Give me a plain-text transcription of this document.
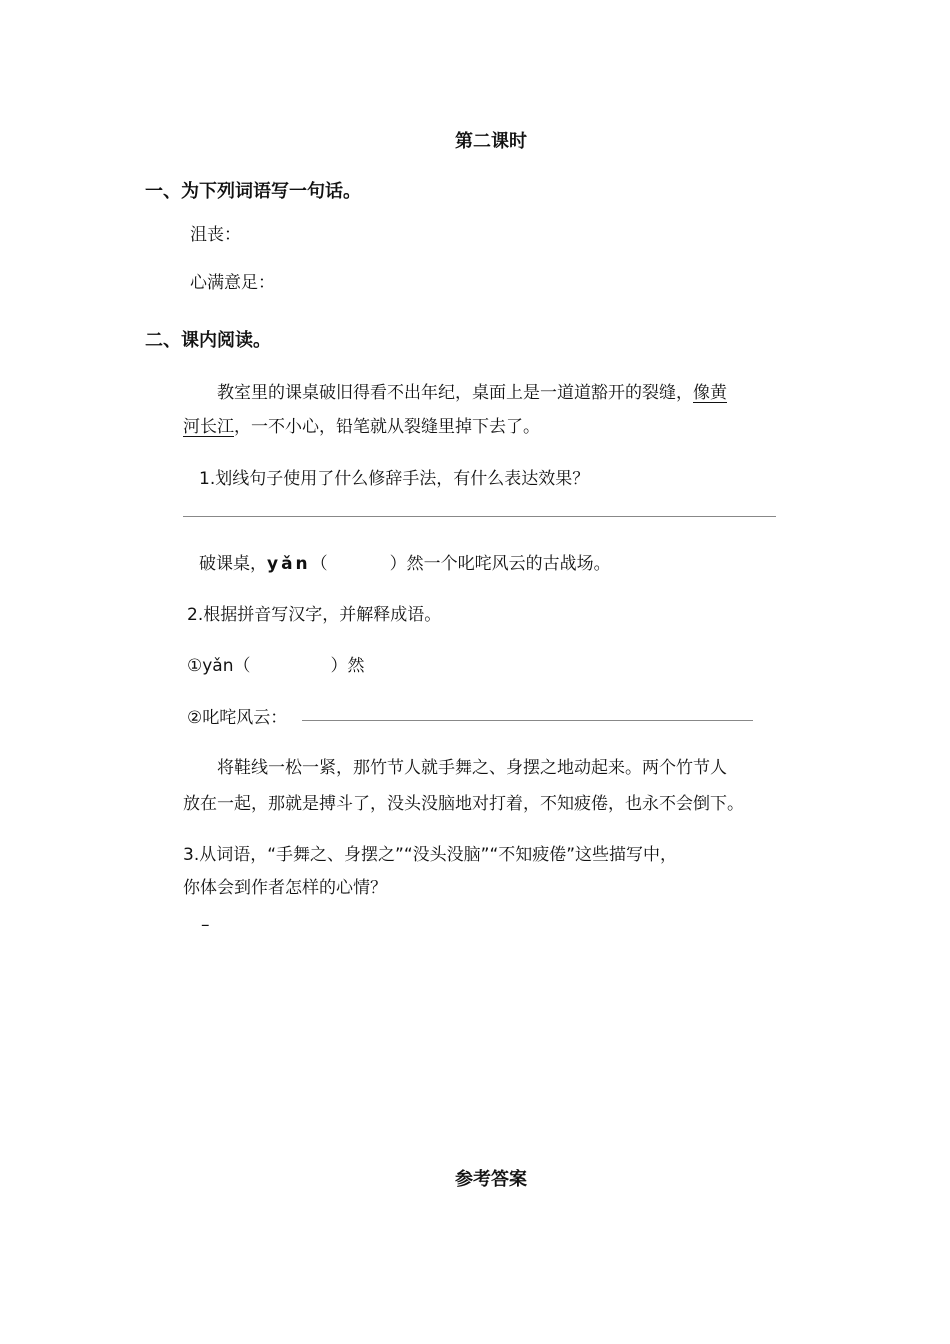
第二课时
一、为下列词语写一句话。
沮丧：
心满意足：
二、课内阅读。
教室里的课桌破旧得看不出年纪，桌面上是一道道豁开的裂缝，像黄
河长江，一不小心，铅笔就从裂缝里掉下去了。
1.划线句子使用了什么修辞手法，有什么表达效果？
破课桌，yǎn（	）然一个叱咤风云的古战场。
2.根据拼音写汉字，并解释成语。
①yǎn（	）然
②叱咤风云：
将鞋线一松一紧，那竹节人就手舞之、身摆之地动起来。两个竹节人
放在一起，那就是搏斗了，没头没脑地对打着，不知疲倦，也永不会倒下。
3.从词语，“手舞之、身摆之”“没头没脑”“不知疲倦”这些描写中，
你体会到作者怎样的心情？
–
参考答案
